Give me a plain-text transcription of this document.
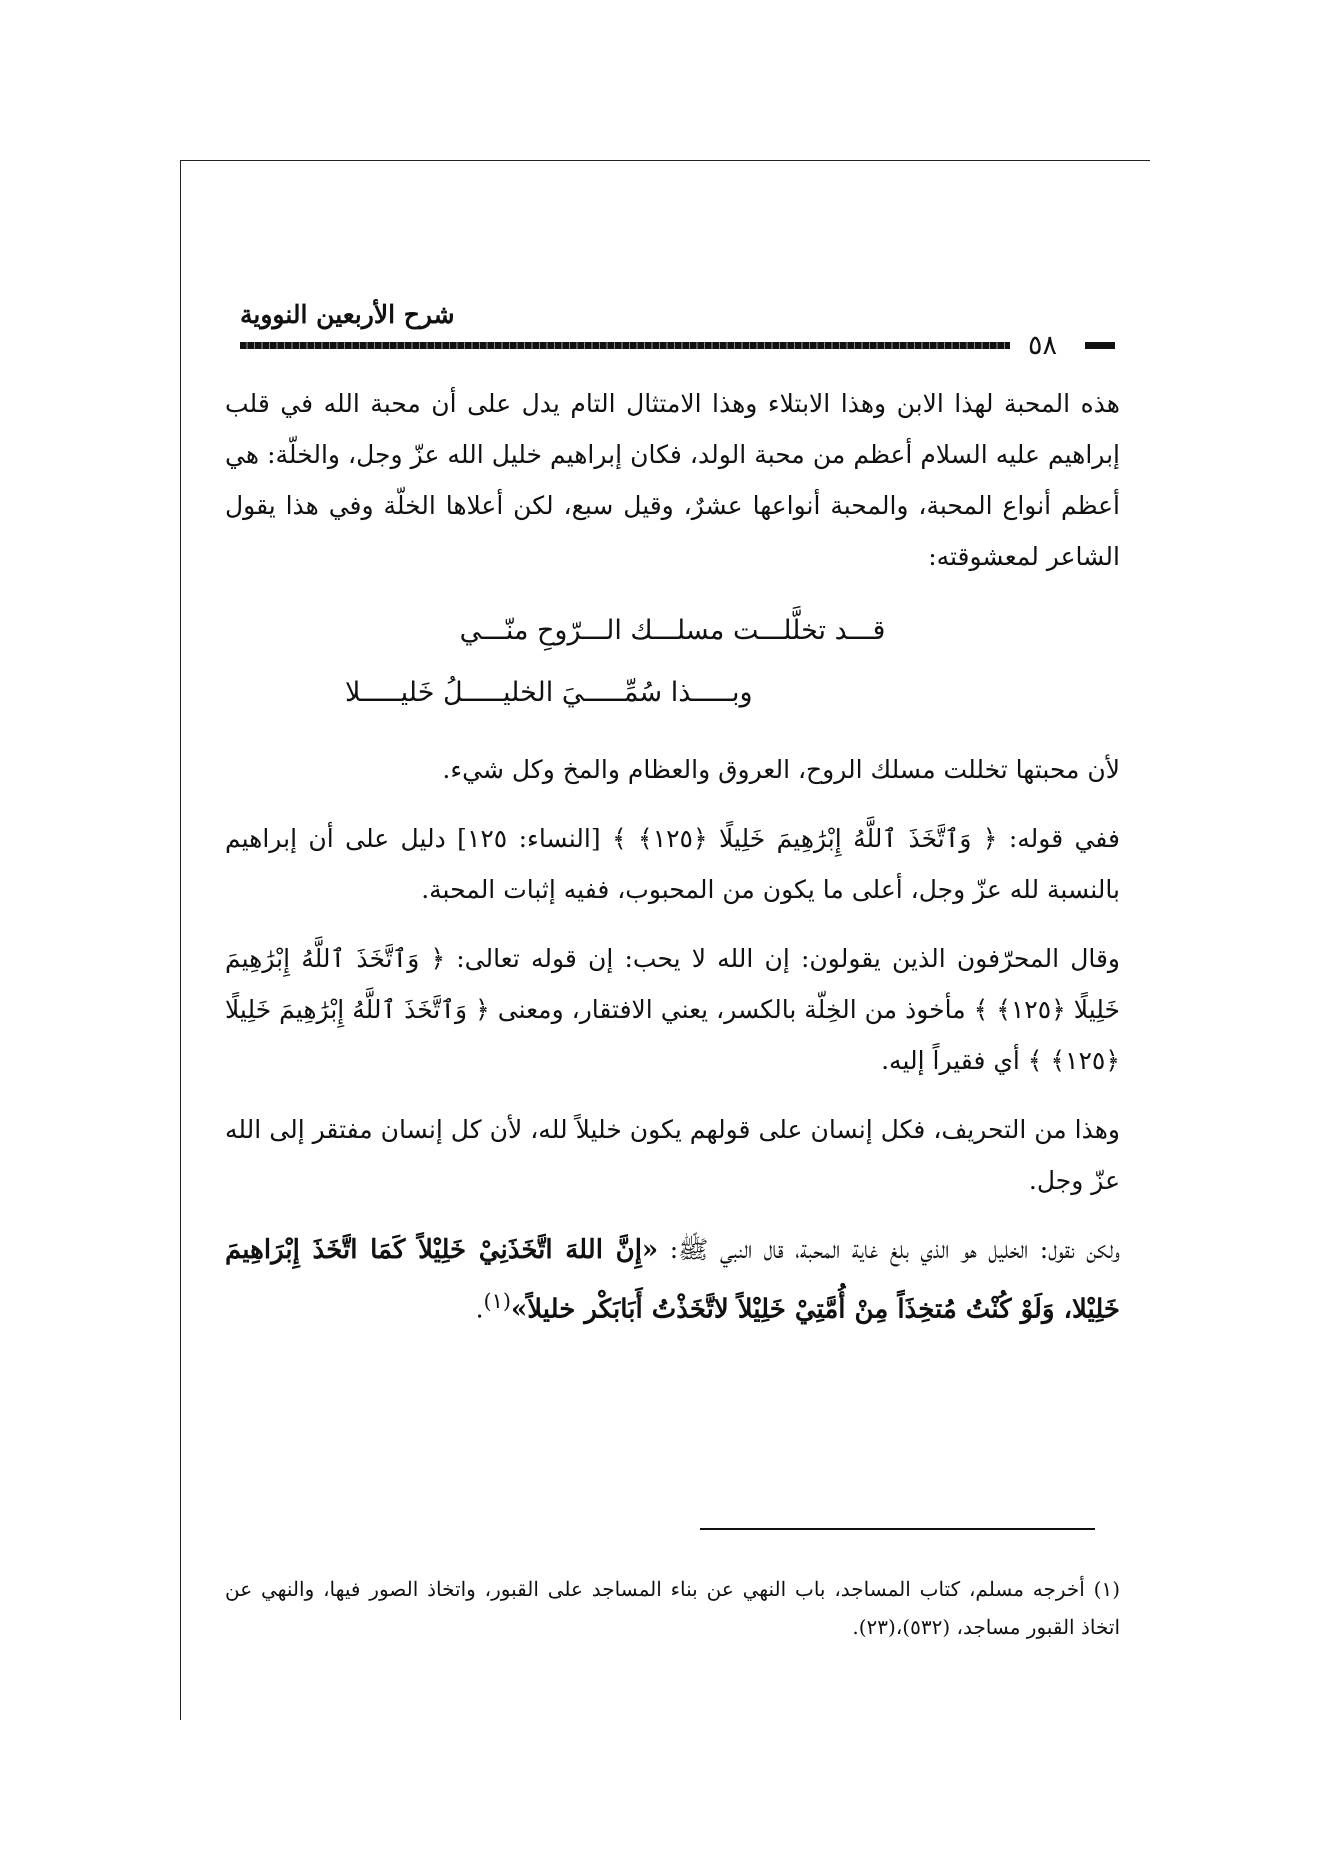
شرح الأربعين النووية
٥٨

هذه المحبة لهذا الابن وهذا الابتلاء وهذا الامتثال التام يدل على أن محبة الله في قلب إبراهيم عليه السلام أعظم من محبة الولد، فكان إبراهيم خليل الله عزّ وجل، والخلّة: هي أعظم أنواع المحبة، والمحبة أنواعها عشرٌ، وقيل سبع، لكن أعلاها الخلّة وفي هذا يقول الشاعر لمعشوقته:

قـــد تخلَّلـــت مسلـــك الـــرّوحِ منّـــي
وبـــــذا سُمِّـــــيَ الخليـــــلُ خَليـــــلا

لأن محبتها تخللت مسلك الروح، العروق والعظام والمخ وكل شيء.

ففي قوله: ﴿ وَٱتَّخَذَ ٱللَّهُ إِبْرَٰهِيمَ خَلِيلًا ﴿١٢٥﴾ ﴾ [النساء: ١٢٥] دليل على أن إبراهيم بالنسبة لله عزّ وجل، أعلى ما يكون من المحبوب، ففيه إثبات المحبة.

وقال المحرّفون الذين يقولون: إن الله لا يحب: إن قوله تعالى: ﴿ وَٱتَّخَذَ ٱللَّهُ إِبْرَٰهِيمَ خَلِيلًا ﴿١٢٥﴾ ﴾ مأخوذ من الخِلّة بالكسر، يعني الافتقار، ومعنى ﴿ وَٱتَّخَذَ ٱللَّهُ إِبْرَٰهِيمَ خَلِيلًا ﴿١٢٥﴾ ﴾ أي فقيراً إليه.

وهذا من التحريف، فكل إنسان على قولهم يكون خليلاً لله، لأن كل إنسان مفتقر إلى الله عزّ وجل.

ولكن نقول: الخليل هو الذي بلغ غاية المحبة، قال النبي ﷺ: «إِنَّ اللهَ اتَّخَذَنِيْ خَلِيْلاً كَمَا اتَّخَذَ إِبْرَاهِيمَ خَلِيْلا، وَلَوْ كُنْتُ مُتخِذَاً مِنْ أُمَّتِيْ خَلِيْلاً لاتَّخَذْتُ أَبَابَكْر خليلاً»$^{(١)}$.

(١) أخرجه مسلم، كتاب المساجد، باب النهي عن بناء المساجد على القبور، واتخاذ الصور فيها، والنهي عن اتخاذ القبور مساجد، (٥٣٢)،(٢٣).
